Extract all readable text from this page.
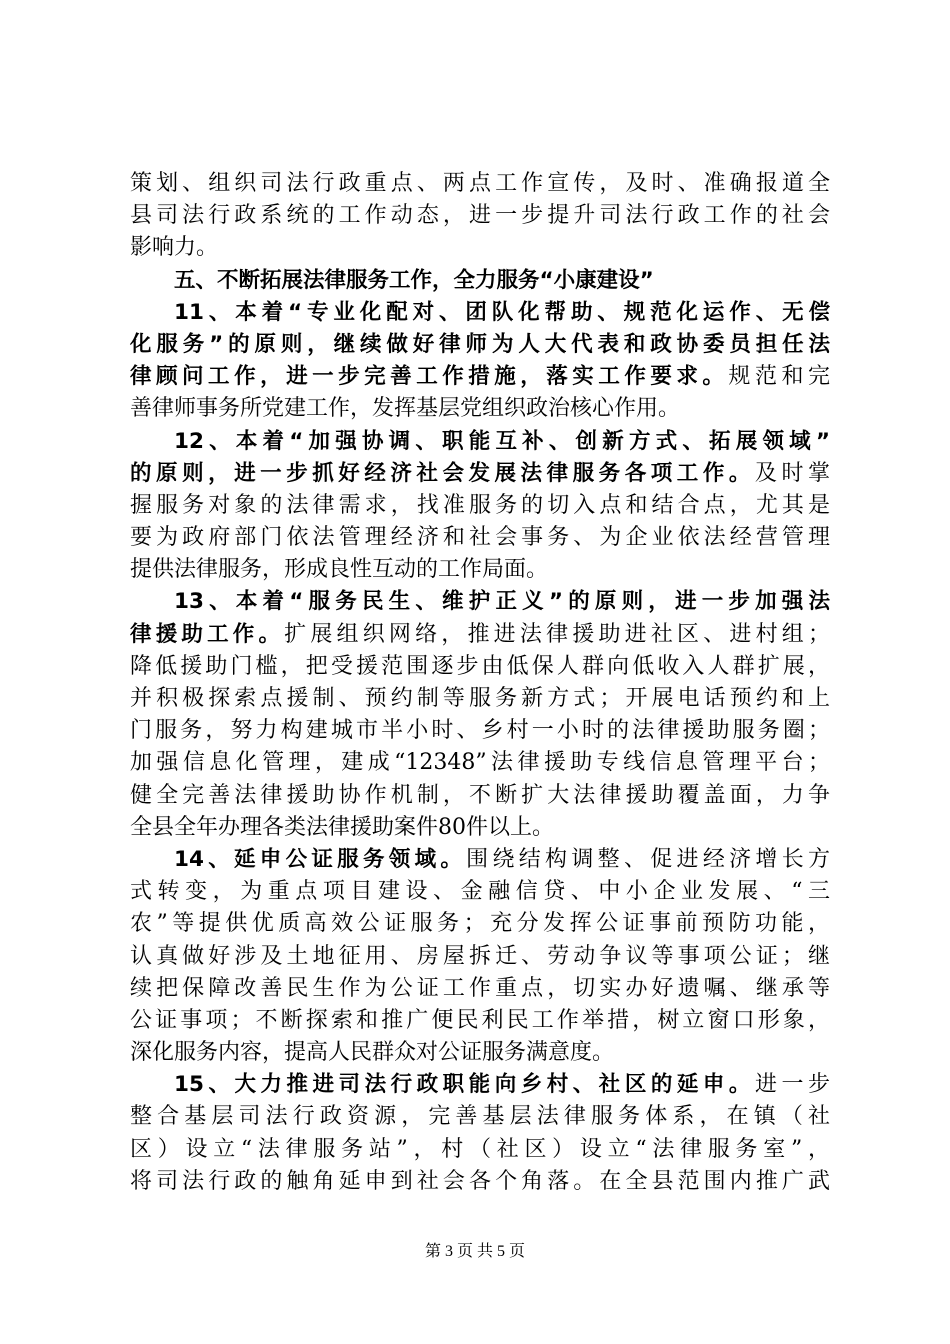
策划、组织司法行政重点、两点工作宣传，及时、准确报道全
县司法行政系统的工作动态，进一步提升司法行政工作的社会
影响力。
五、不断拓展法律服务工作，全力服务“小康建设”
11、本着“专业化配对、团队化帮助、规范化运作、无偿
化服务”的原则，继续做好律师为人大代表和政协委员担任法
律顾问工作，进一步完善工作措施，落实工作要求。规范和完
善律师事务所党建工作，发挥基层党组织政治核心作用。
12、本着“加强协调、职能互补、创新方式、拓展领域”
的原则，进一步抓好经济社会发展法律服务各项工作。及时掌
握服务对象的法律需求，找准服务的切入点和结合点，尤其是
要为政府部门依法管理经济和社会事务、为企业依法经营管理
提供法律服务，形成良性互动的工作局面。
13、本着“服务民生、维护正义”的原则，进一步加强法
律援助工作。扩展组织网络，推进法律援助进社区、进村组；
降低援助门槛，把受援范围逐步由低保人群向低收入人群扩展，
并积极探索点援制、预约制等服务新方式；开展电话预约和上
门服务，努力构建城市半小时、乡村一小时的法律援助服务圈；
加强信息化管理，建成“12348”法律援助专线信息管理平台；
健全完善法律援助协作机制，不断扩大法律援助覆盖面，力争
全县全年办理各类法律援助案件80件以上。
14、延申公证服务领域。围绕结构调整、促进经济增长方
式转变，为重点项目建设、金融信贷、中小企业发展、“三
农”等提供优质高效公证服务；充分发挥公证事前预防功能，
认真做好涉及土地征用、房屋拆迁、劳动争议等事项公证；继
续把保障改善民生作为公证工作重点，切实办好遗嘱、继承等
公证事项；不断探索和推广便民利民工作举措，树立窗口形象，
深化服务内容，提高人民群众对公证服务满意度。
15、大力推进司法行政职能向乡村、社区的延申。进一步
整合基层司法行政资源，完善基层法律服务体系，在镇（社
区）设立“法律服务站”，村（社区）设立“法律服务室”，
将司法行政的触角延申到社会各个角落。在全县范围内推广武
第 3 页 共 5 页
